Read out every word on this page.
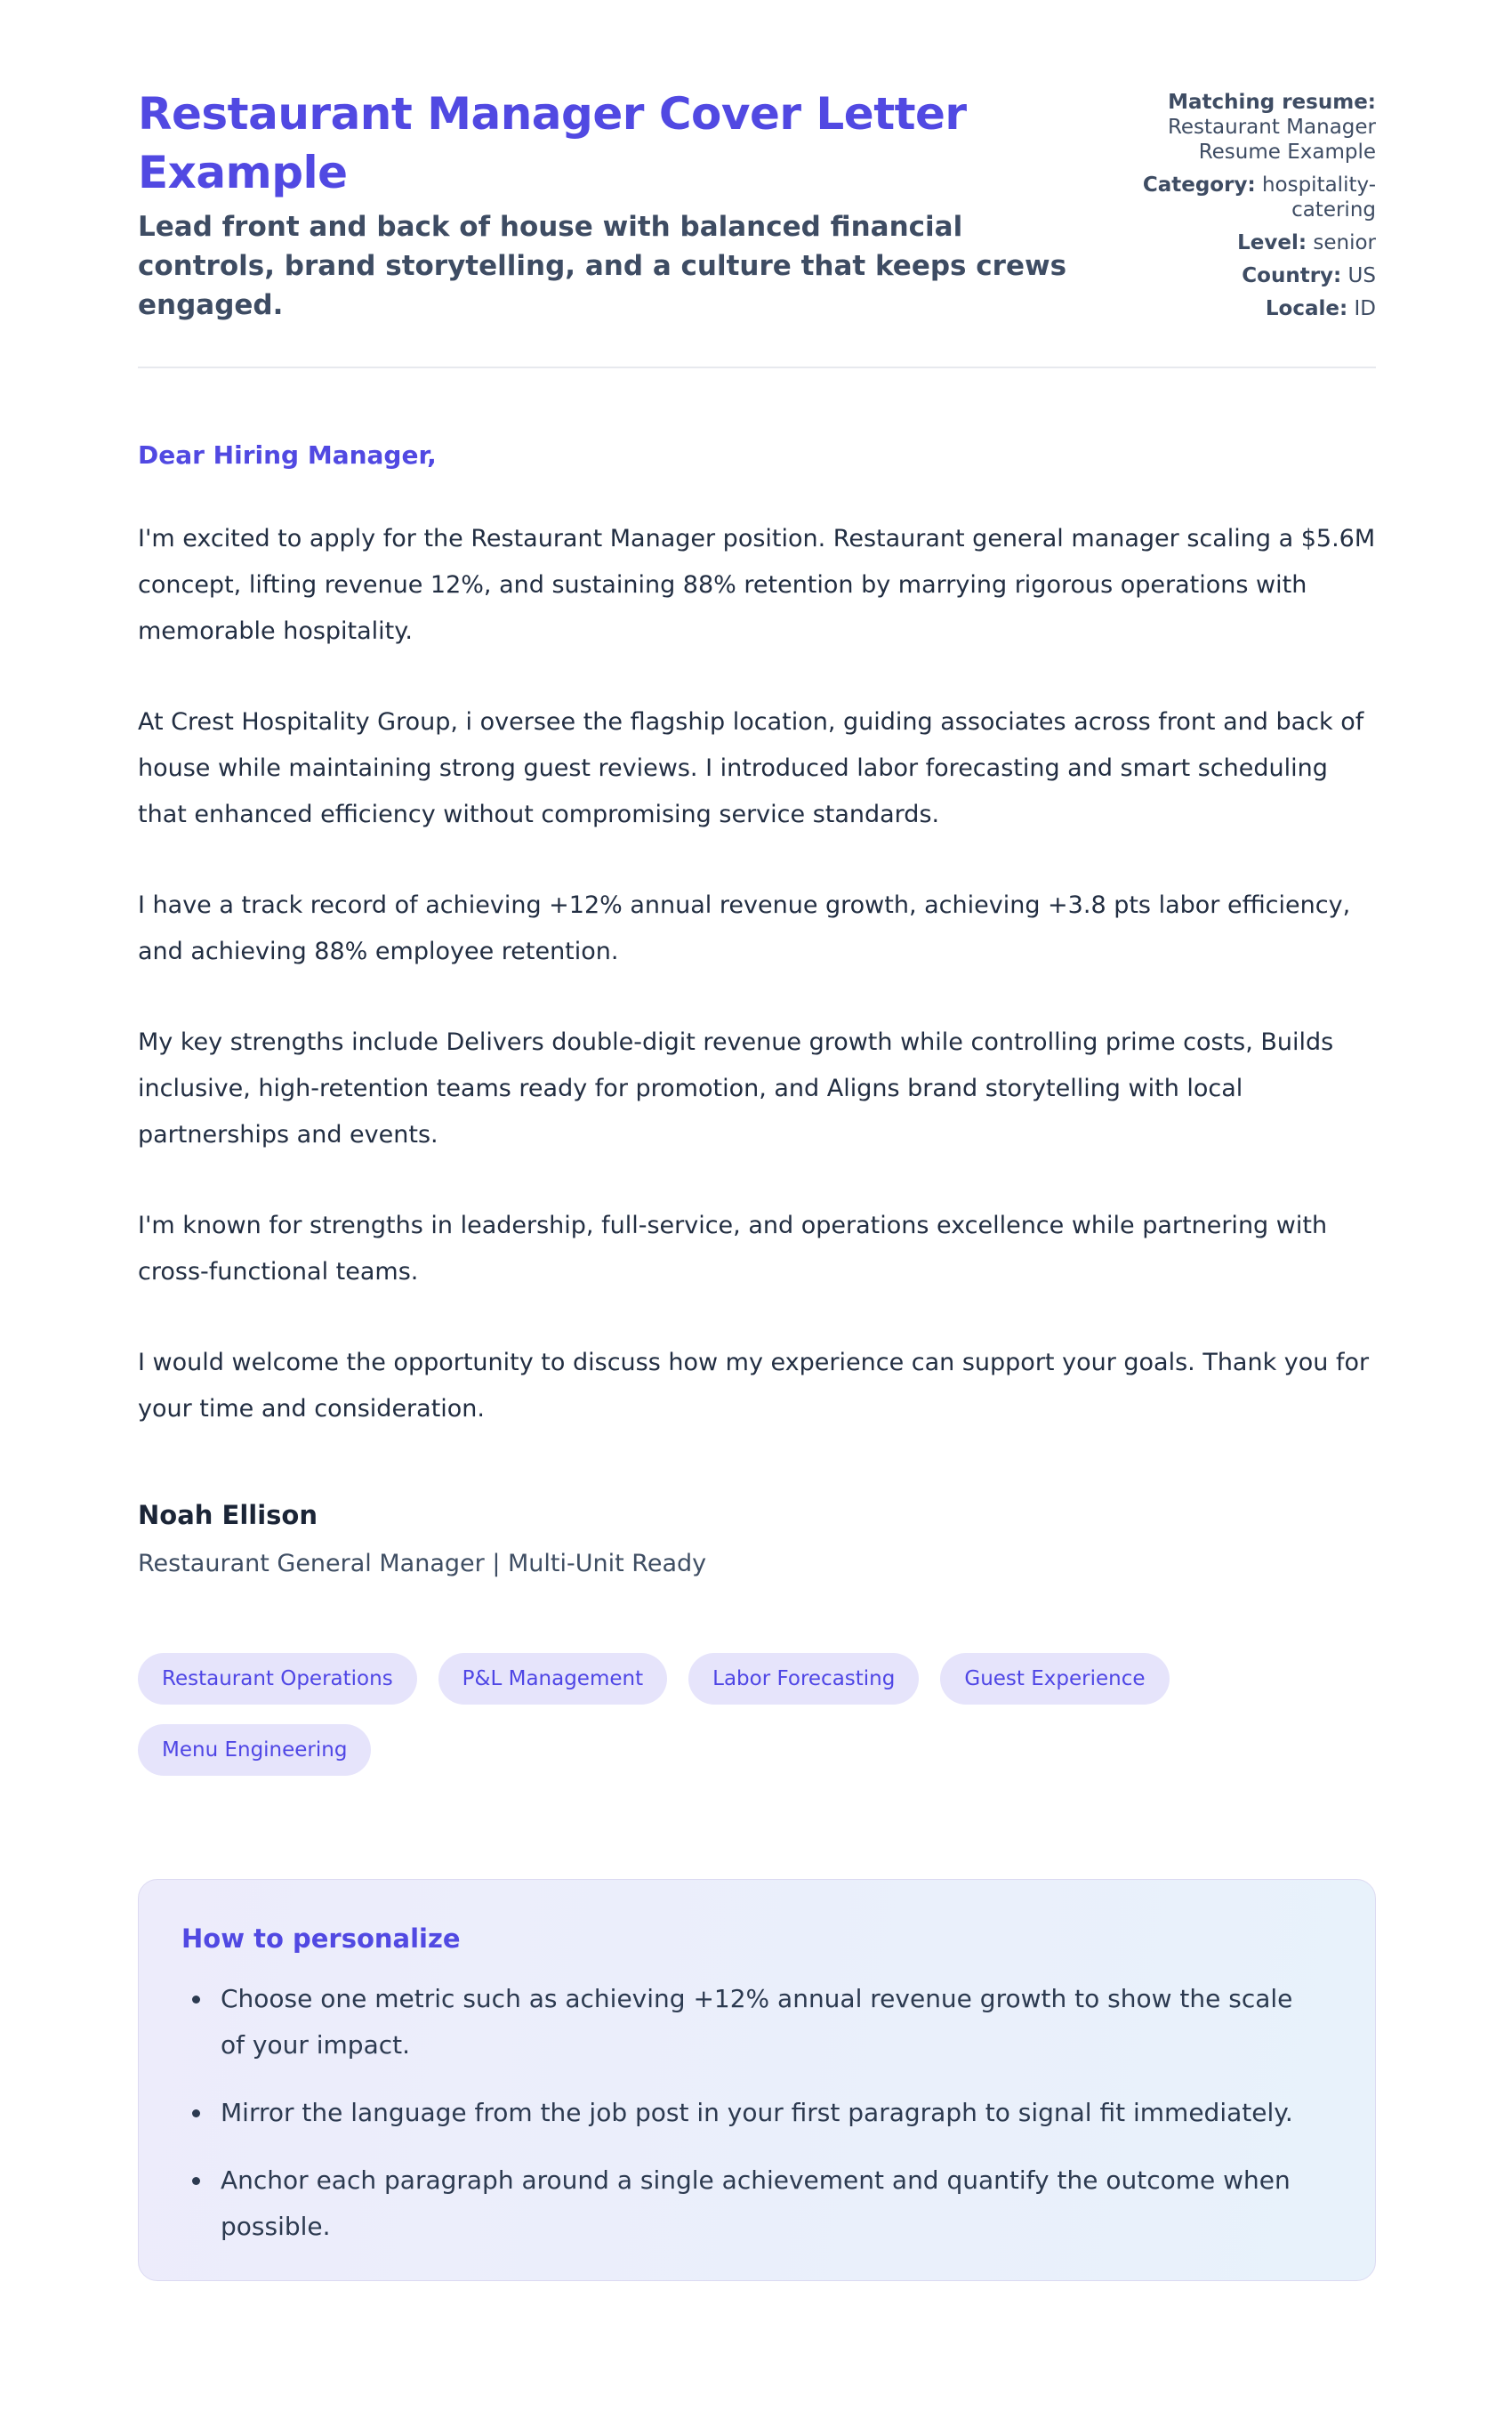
Restaurant Manager Cover Letter Example

Lead front and back of house with balanced financial controls, brand storytelling, and a culture that keeps crews engaged.

Matching resume: Restaurant Manager Resume Example
Category: hospitality-catering
Level: senior
Country: US
Locale: ID

Dear Hiring Manager,

I'm excited to apply for the Restaurant Manager position. Restaurant general manager scaling a $5.6M concept, lifting revenue 12%, and sustaining 88% retention by marrying rigorous operations with memorable hospitality.

At Crest Hospitality Group, i oversee the flagship location, guiding associates across front and back of house while maintaining strong guest reviews. I introduced labor forecasting and smart scheduling that enhanced efficiency without compromising service standards.

I have a track record of achieving +12% annual revenue growth, achieving +3.8 pts labor efficiency, and achieving 88% employee retention.

My key strengths include Delivers double-digit revenue growth while controlling prime costs, Builds inclusive, high-retention teams ready for promotion, and Aligns brand storytelling with local partnerships and events.

I'm known for strengths in leadership, full-service, and operations excellence while partnering with cross-functional teams.

I would welcome the opportunity to discuss how my experience can support your goals. Thank you for your time and consideration.

Noah Ellison

Restaurant General Manager | Multi-Unit Ready

Restaurant Operations	P&L Management	Labor Forecasting	Guest Experience
Menu Engineering
How to personalize
• Choose one metric such as achieving +12% annual revenue growth to show the scale of your impact.
• Mirror the language from the job post in your first paragraph to signal fit immediately.
• Anchor each paragraph around a single achievement and quantify the outcome when possible.
